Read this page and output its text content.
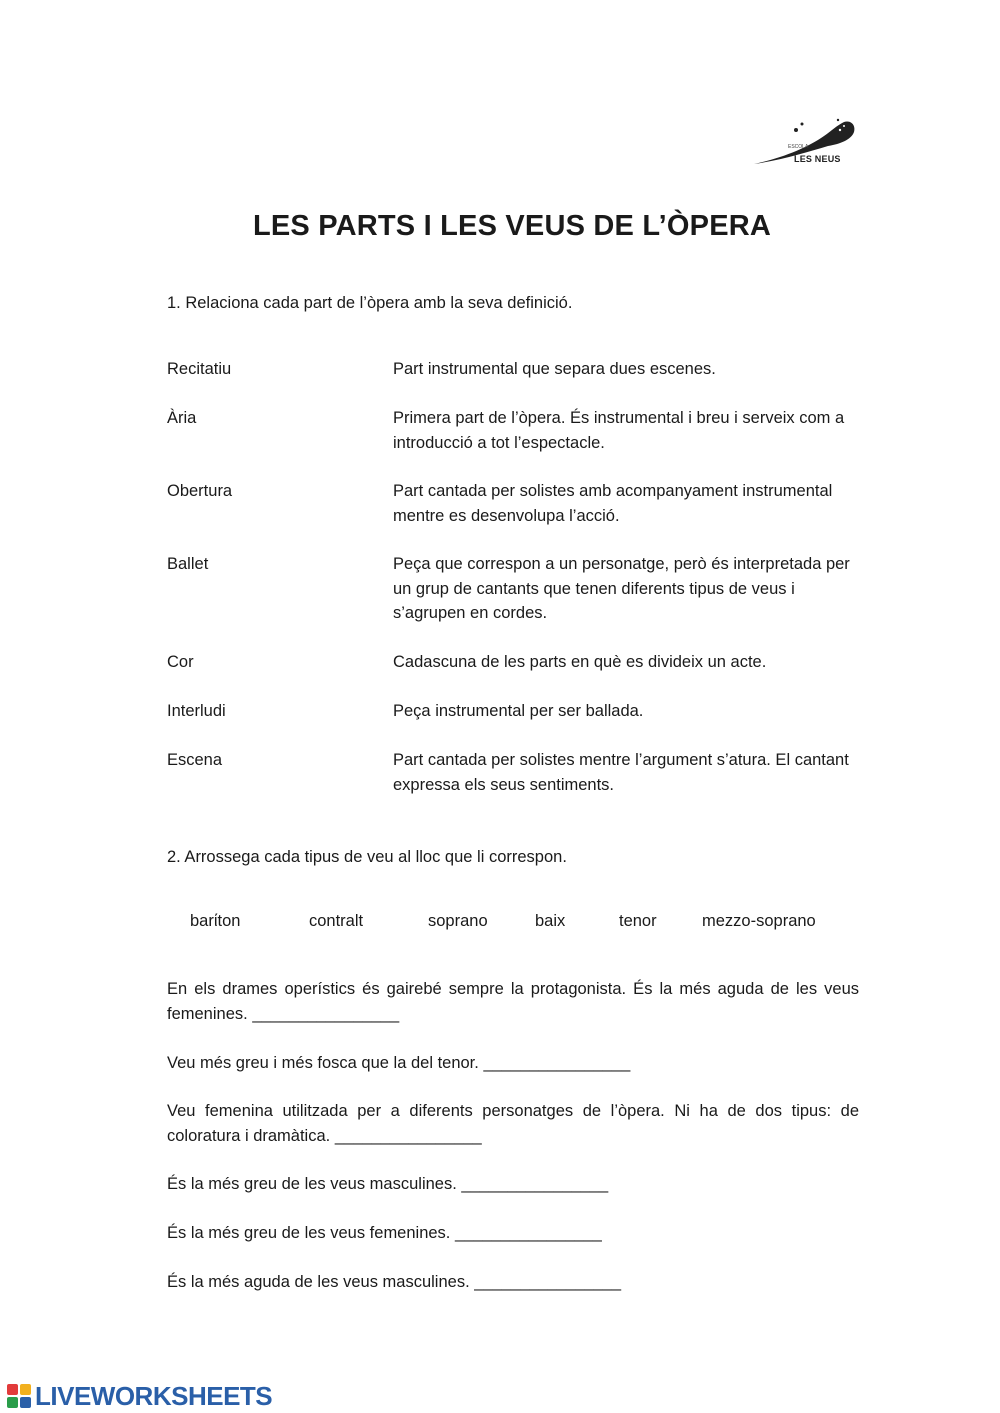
ESCOLA
LES NEUS
LES PARTS I LES VEUS DE L’ÒPERA

1. Relaciona cada part de l’òpera amb la seva definició.

Recitatiu	Part instrumental que separa dues escenes.
Ària	Primera part de l’òpera. És instrumental i breu i serveix com a introducció a tot l’espectacle.
Obertura	Part cantada per solistes amb acompanyament instrumental mentre es desenvolupa l’acció.
Ballet	Peça que correspon a un personatge, però és interpretada per un grup de cantants que tenen diferents tipus de veus i s’agrupen en cordes.
Cor	Cadascuna de les parts en què es divideix un acte.
Interludi	Peça instrumental per ser ballada.
Escena	Part cantada per solistes mentre l’argument s’atura. El cantant expressa els seus sentiments.

2. Arrossega cada tipus de veu al lloc que li correspon.

barίton	contralt	soprano	baix	tenor	mezzo-soprano

En els drames operístics és gairebé sempre la protagonista. És la més aguda de les veus femenines. ________________

Veu més greu i més fosca que la del tenor. ________________

Veu femenina utilitzada per a diferents personatges de l’òpera. Ni ha de dos tipus: de coloratura i dramàtica. ________________

És la més greu de les veus masculines. ________________

És la més greu de les veus femenines. ________________

És la més aguda de les veus masculines. ________________

LIVEWORKSHEETS
